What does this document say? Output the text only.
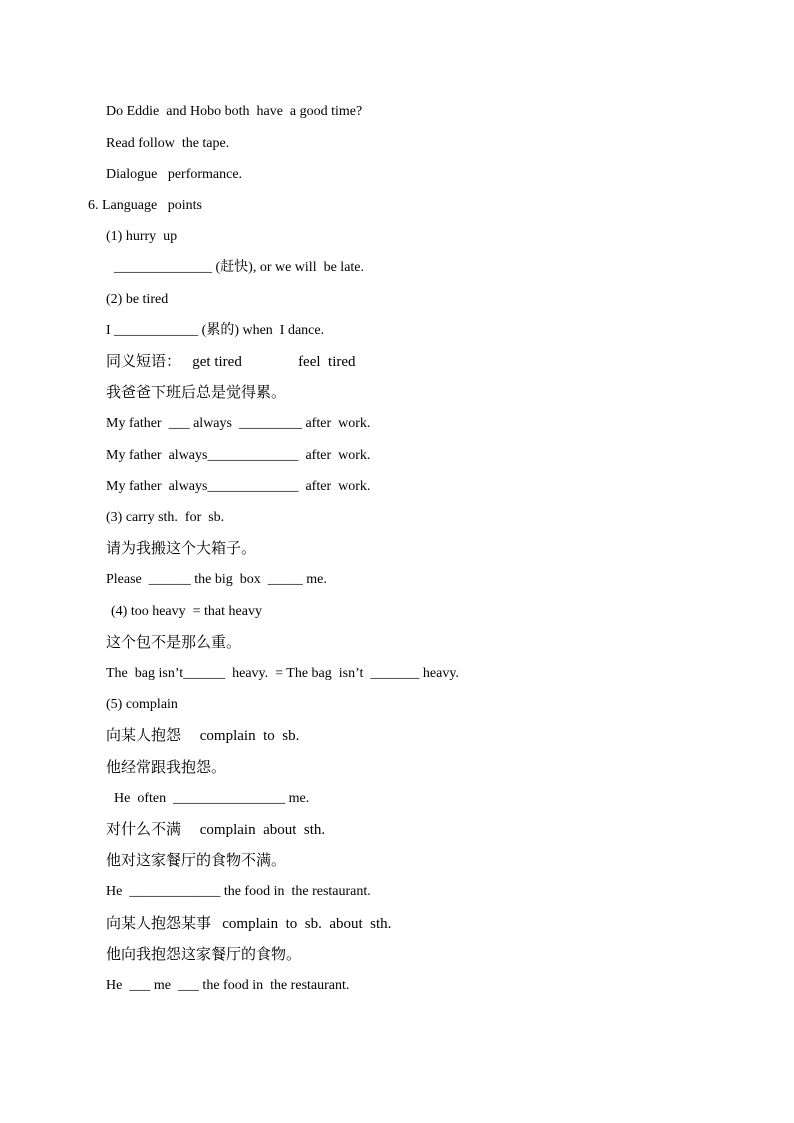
Do Eddie  and Hobo both  have  a good time?
Read follow  the tape.
Dialogue   performance.
6. Language   points
(1) hurry  up
______________ (赶快), or we will  be late.
(2) be tired
I ____________ (累的) when  I dance.
同义短语：   get tired               feel  tired
我爸爸下班后总是觉得累。
My father  ___ always  _________ after  work.
My father  always_____________  after  work.
My father  always_____________  after  work.
(3) carry sth.  for  sb.
请为我搬这个大箱子。
Please  ______ the big  box  _____ me.
(4) too heavy  = that heavy
这个包不是那么重。
The  bag isn’t______  heavy.  = The bag  isn’t  _______ heavy.
(5) complain
向某人抱怨     complain  to  sb.
他经常跟我抱怨。
He  often  ________________ me.
对什么不满     complain  about  sth.
他对这家餐厅的食物不满。
He  _____________ the food in  the restaurant.
向某人抱怨某事   complain  to  sb.  about  sth.
他向我抱怨这家餐厅的食物。
He  ___ me  ___ the food in  the restaurant.
